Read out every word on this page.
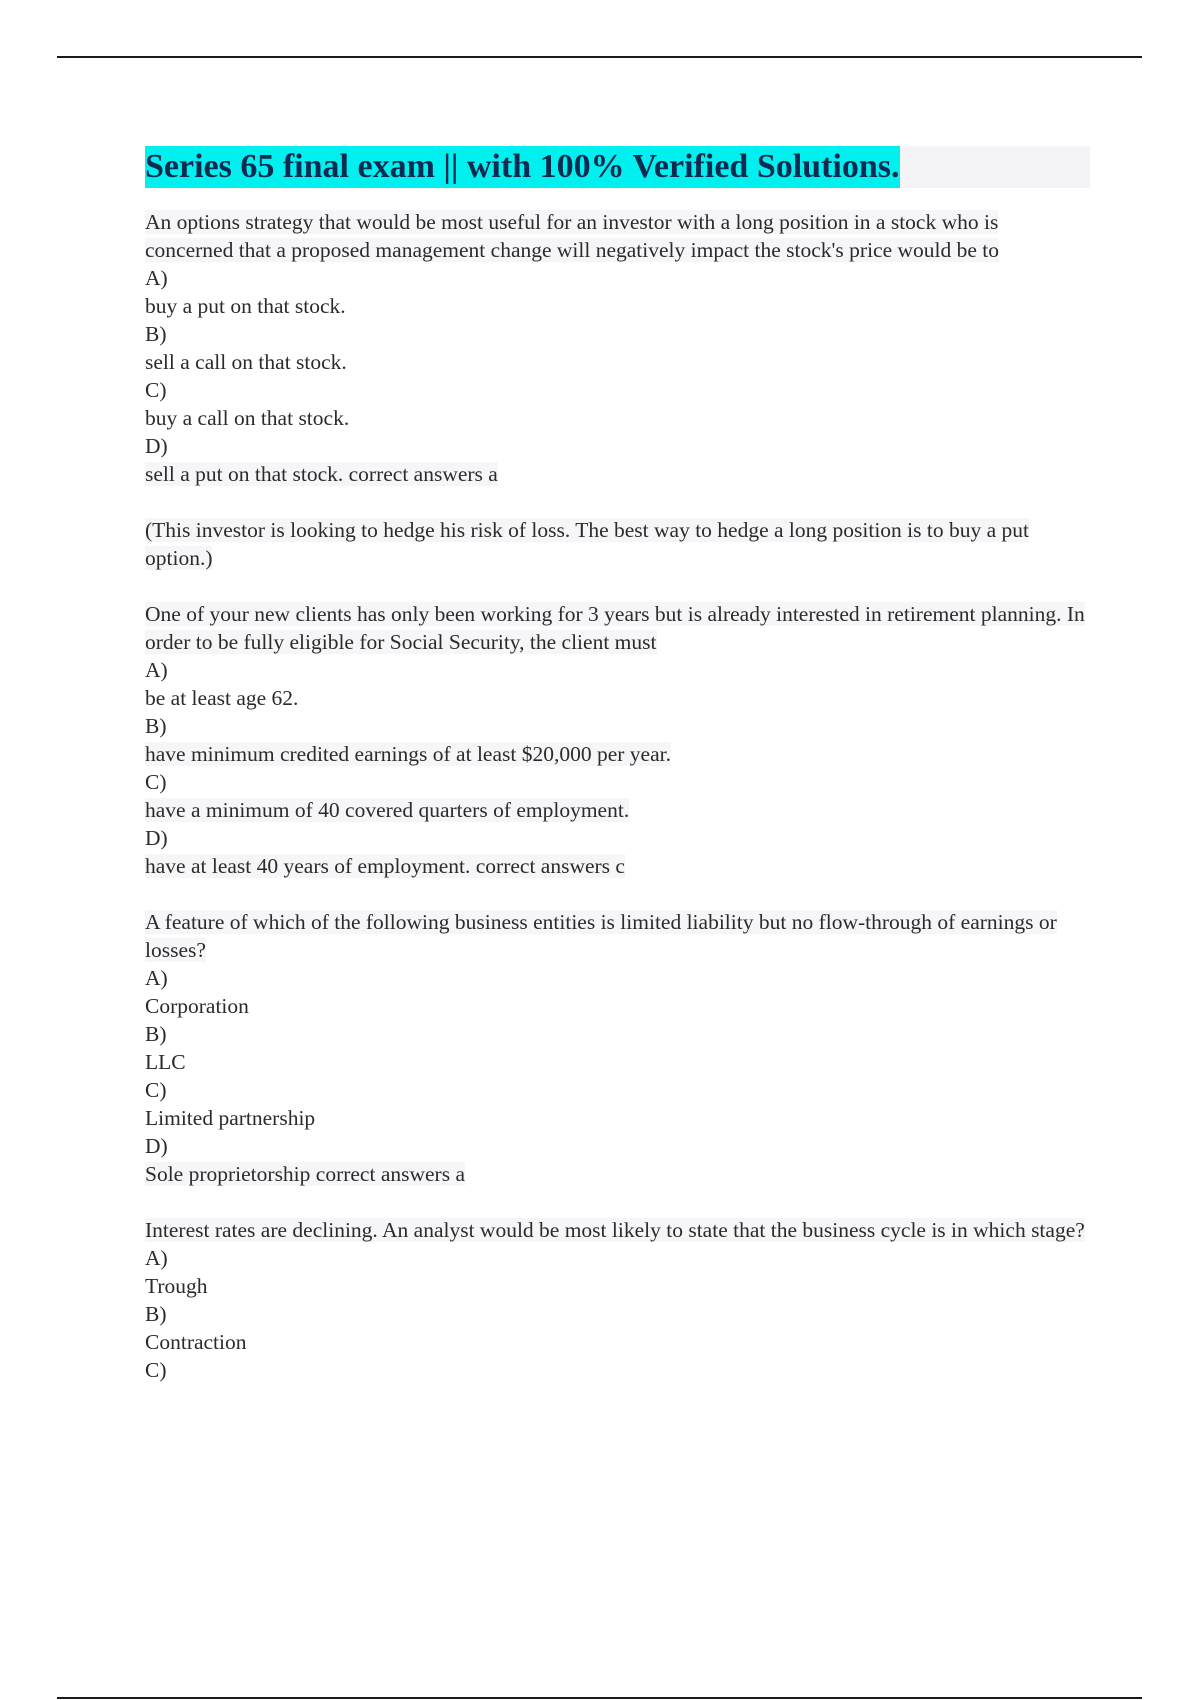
Series 65 final exam || with 100% Verified Solutions.
An options strategy that would be most useful for an investor with a long position in a stock who is concerned that a proposed management change will negatively impact the stock's price would be to
A)
buy a put on that stock.
B)
sell a call on that stock.
C)
buy a call on that stock.
D)
sell a put on that stock. correct answers a
(This investor is looking to hedge his risk of loss. The best way to hedge a long position is to buy a put option.)
One of your new clients has only been working for 3 years but is already interested in retirement planning. In order to be fully eligible for Social Security, the client must
A)
be at least age 62.
B)
have minimum credited earnings of at least $20,000 per year.
C)
have a minimum of 40 covered quarters of employment.
D)
have at least 40 years of employment. correct answers c
A feature of which of the following business entities is limited liability but no flow-through of earnings or losses?
A)
Corporation
B)
LLC
C)
Limited partnership
D)
Sole proprietorship correct answers a
Interest rates are declining. An analyst would be most likely to state that the business cycle is in which stage?
A)
Trough
B)
Contraction
C)
